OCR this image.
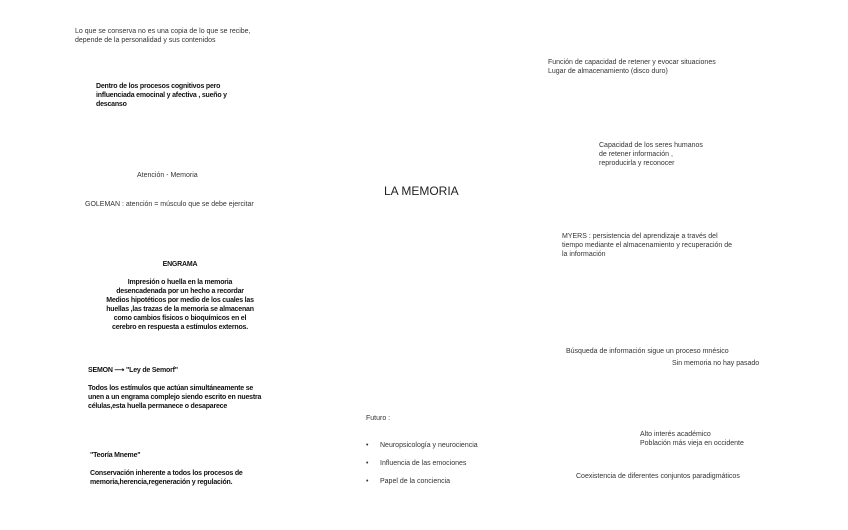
LA MEMORIA
Lo que se conserva no es una copia de lo que se recibe,
depende de la personalidad y sus contenidos
Dentro de los procesos cognitivos pero
influenciada emocinal y afectiva , sueño y
descanso
Atención - Memoria
GOLEMAN : atención = músculo que se debe ejercitar

ENGRAMA

Impresión o huella en la memoria
desencadenada por un hecho a recordar
Medios hipotéticos por medio de los cuales las
huellas ,las trazas de la memoria se almacenan
como cambios físicos o bioquímicos en el
cerebro en respuesta a estímulos externos.

SEMON ⟶ "Ley de Semorf"

Todos los estímulos que actúan simultáneamente se
unen a un engrama complejo siendo escrito en nuestra
células,esta huella permanece o desaparece

"Teoría Mneme"

Conservación inherente a todos los procesos de
memoria,herencia,regeneración y regulación.

Función de capacidad de retener y evocar situaciones
Lugar de almacenamiento (disco duro)
Capacidad de los seres humanos
de retener información ,
reproducirla y reconocer
MYERS : persistencia del aprendizaje a través del
tiempo mediante el almacenamiento y recuperación de
la información
Búsqueda de información sigue un proceso mnésico
Sin memoria no hay pasado

Futuro :

• Neuropsicología y neurociencia

• Influencia de las emociones

• Papel de la conciencia

Alto interés académico
Población más vieja en occidente
Coexistencia de diferentes conjuntos paradigmáticos
